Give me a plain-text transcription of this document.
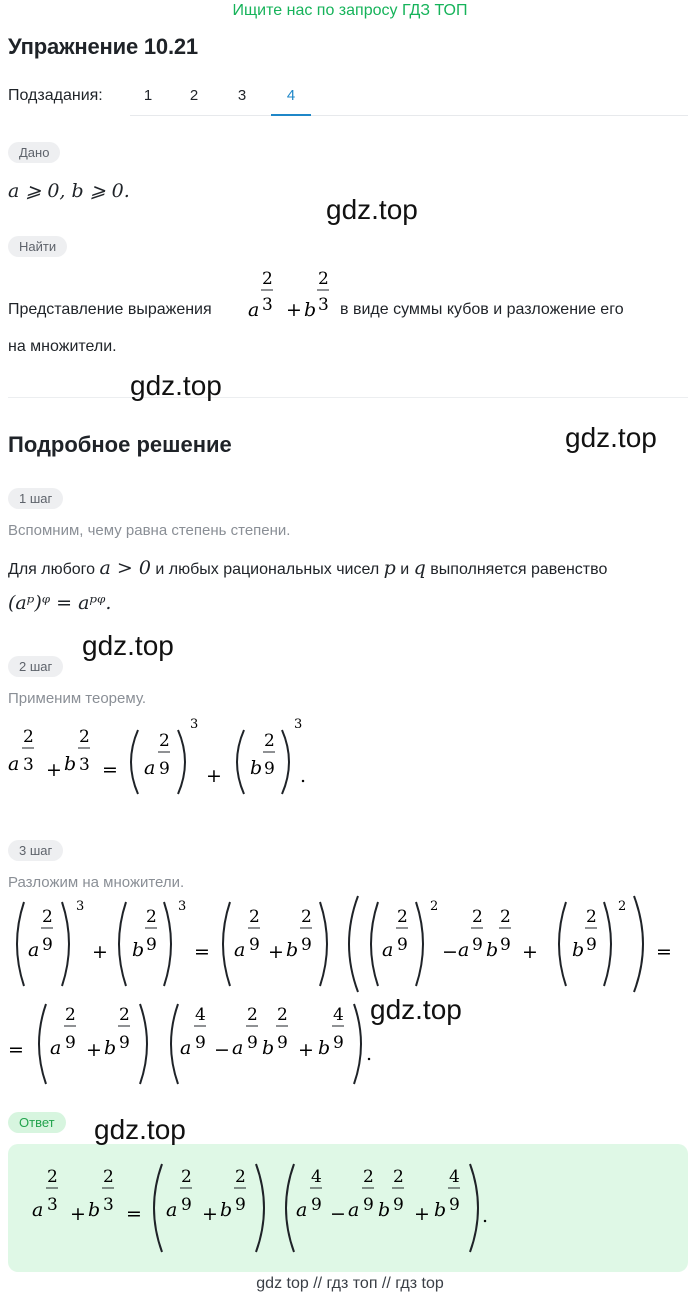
Ищите нас по запросу ГДЗ ТОП
Упражнение 10.21
Подзадания:	1	2	3	4
Дано
a ⩾ 0, b ⩾ 0.
Найти
Представление выражения a
2
3 + b
2
3 в виде суммы кубов и разложение его
на множители.
Подробное решение
1 шаг
Вспомним, чему равна степень степени.
Для любого a > 0 и любых рациональных чисел p и q выполняется равенство
(aᵖ)ᵠ = aᵖᵠ.
2 шаг
Применим теорему.
a
2
3 + b
2
3 = a
2
9
3
+ b
2
9
3
.
3 шаг
Разложим на множители.
a
2
9
3
+ b
2
9
3
= a
2
9 + b
2
9	a
2
9
2
− a
2
9 b
2
9 + b
2
9
2
=
= a
2
9 + b
2
9	a
4
9 − a
2
9 b
2
9 + b
4
9 .
Ответ
a
2
3 + b
2
3 = a
2
9 + b
2
9	a
4
9 − a
2
9 b
2
9 + b
4
9 .
gdz.top
gdz.top
gdz.top
gdz.top
gdz.top
gdz.top
gdz top // гдз топ // гдз top
